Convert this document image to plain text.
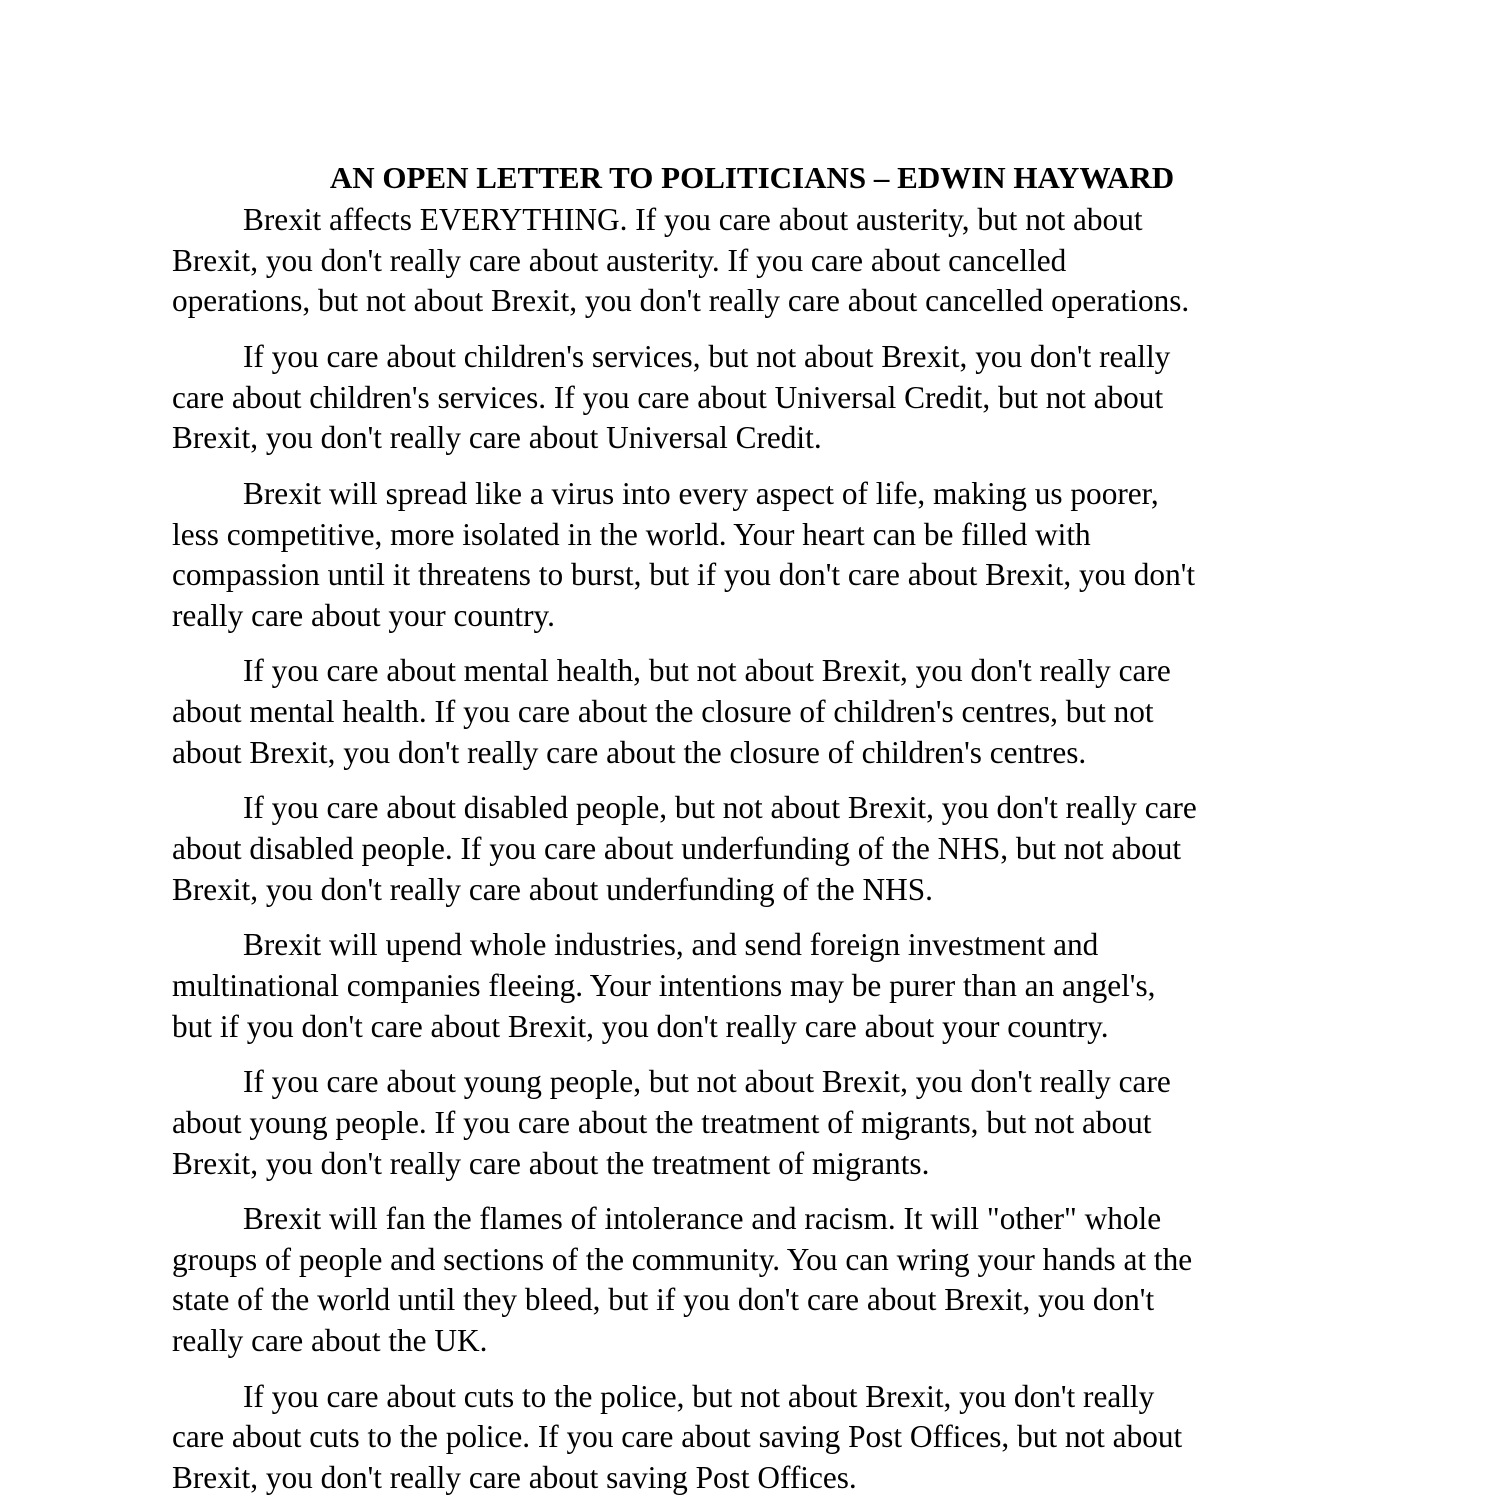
AN OPEN LETTER TO POLITICIANS – EDWIN HAYWARD

Brexit affects EVERYTHING. If you care about austerity, but not about
Brexit, you don't really care about austerity. If you care about cancelled
operations, but not about Brexit, you don't really care about cancelled operations.

If you care about children's services, but not about Brexit, you don't really
care about children's services. If you care about Universal Credit, but not about
Brexit, you don't really care about Universal Credit.

Brexit will spread like a virus into every aspect of life, making us poorer,
less competitive, more isolated in the world. Your heart can be filled with
compassion until it threatens to burst, but if you don't care about Brexit, you don't
really care about your country.

If you care about mental health, but not about Brexit, you don't really care
about mental health. If you care about the closure of children's centres, but not
about Brexit, you don't really care about the closure of children's centres.

If you care about disabled people, but not about Brexit, you don't really care
about disabled people. If you care about underfunding of the NHS, but not about
Brexit, you don't really care about underfunding of the NHS.

Brexit will upend whole industries, and send foreign investment and
multinational companies fleeing. Your intentions may be purer than an angel's,
but if you don't care about Brexit, you don't really care about your country.

If you care about young people, but not about Brexit, you don't really care
about young people. If you care about the treatment of migrants, but not about
Brexit, you don't really care about the treatment of migrants.

Brexit will fan the flames of intolerance and racism. It will "other" whole
groups of people and sections of the community. You can wring your hands at the
state of the world until they bleed, but if you don't care about Brexit, you don't
really care about the UK.

If you care about cuts to the police, but not about Brexit, you don't really
care about cuts to the police. If you care about saving Post Offices, but not about
Brexit, you don't really care about saving Post Offices.
